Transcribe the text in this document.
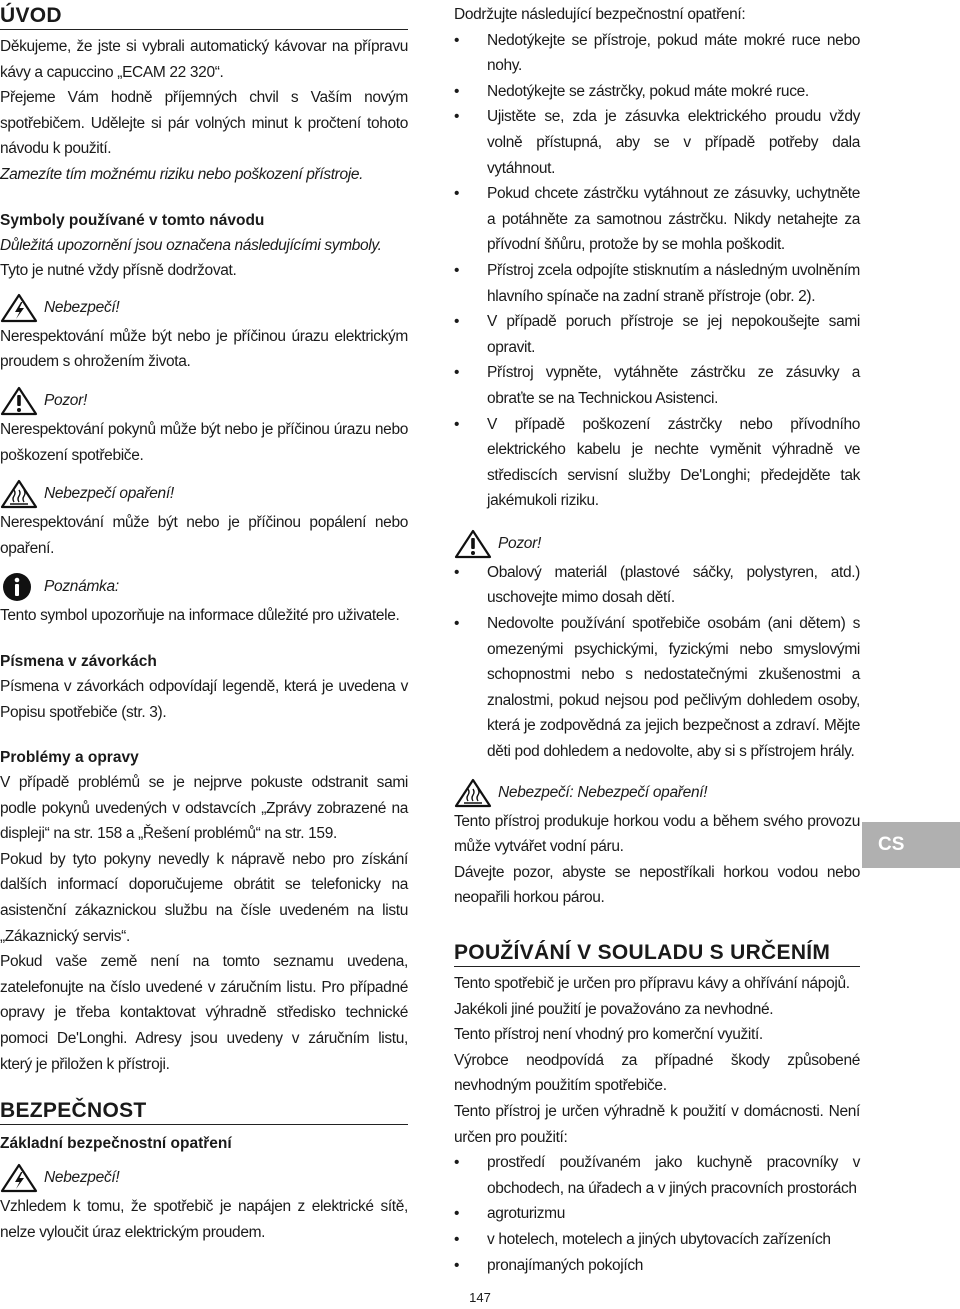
ÚVOD

Děkujeme, že jste si vybrali automatický kávovar na přípravu kávy a capuccino „ECAM 22 320“.

Přejeme Vám hodně příjemných chvil s Vaším novým spotřebičem. Udělejte si pár volných minut k pročtení tohoto návodu k použití.

Zamezíte tím možnému riziku nebo poškození přístroje.

Symboly používané v tomto návodu

Důležitá upozornění jsou označena následujícími symboly.

Tyto je nutné vždy přísně dodržovat.

Nebezpečí!

Nerespektování může být nebo je příčinou úrazu elektrickým proudem s ohrožením života.

Pozor!

Nerespektování pokynů může být nebo je příčinou úrazu nebo poškození spotřebiče.

Nebezpečí opaření!

Nerespektování může být nebo je příčinou popálení nebo opaření.

Poznámka:

Tento symbol upozorňuje na informace důležité pro uživatele.

Písmena v závorkách

Písmena v závorkách odpovídají legendě, která je uvedena v Popisu spotřebiče (str. 3).

Problémy a opravy

V případě problémů se je nejprve pokuste odstranit sami podle pokynů uvedených v odstavcích „Zprávy zobrazené na displeji“ na str. 158 a „Řešení problémů“ na str. 159.

Pokud by tyto pokyny nevedly k nápravě nebo pro získání dalších informací doporučujeme obrátit se telefonicky na asistenční zákaznickou službu na čísle uvedeném na listu „Zákaznický servis“.

Pokud vaše země není na tomto seznamu uvedena, zatelefonujte na číslo uvedené v záručním listu. Pro případné opravy je třeba kontaktovat výhradně středisko technické pomoci De'Longhi. Adresy jsou uvedeny v záručním listu, který je přiložen k přístroji.

BEZPEČNOST
Základní bezpečnostní opatření
Nebezpečí!

Vzhledem k tomu, že spotřebič je napájen z elektrické sítě, nelze vyloučit úraz elektrickým proudem.

Dodržujte následující bezpečnostní opatření:

• Nedotýkejte se přístroje, pokud máte mokré ruce nebo nohy.
• Nedotýkejte se zástrčky, pokud máte mokré ruce.
• Ujistěte se, zda je zásuvka elektrického proudu vždy volně přístupná, aby se v případě potřeby dala vytáhnout.
• Pokud chcete zástrčku vytáhnout ze zásuvky, uchytněte a potáhněte za samotnou zástrčku. Nikdy netahejte za přívodní šňůru, protože by se mohla poškodit.
• Přístroj zcela odpojíte stisknutím a následným uvolněním hlavního spínače na zadní straně přístroje (obr. 2).
• V případě poruch přístroje se jej nepokoušejte sami opravit.
• Přístroj vypněte, vytáhněte zástrčku ze zásuvky a obraťte se na Technickou Asistenci.
• V případě poškození zástrčky nebo přívodního elektrického kabelu je nechte vyměnit výhradně ve střediscích servisní služby De'Longhi; předejděte tak jakémukoli riziku.
Pozor!
• Obalový materiál (plastové sáčky, polystyren, atd.) uschovejte mimo dosah dětí.
• Nedovolte používání spotřebiče osobám (ani dětem) s omezenými psychickými, fyzickými nebo smyslovými schopnostmi nebo s nedostatečnými zkušenostmi a znalostmi, pokud nejsou pod pečlivým dohledem osoby, která je zodpovědná za jejich bezpečnost a zdraví. Mějte děti pod dohledem a nedovolte, aby si s přístrojem hrály.
Nebezpečí: Nebezpečí opaření!

Tento přístroj produkuje horkou vodu a během svého provozu může vytvářet vodní páru.

Dávejte pozor, abyste se nepostříkali horkou vodou nebo neopařili horkou párou.

POUŽÍVÁNÍ V SOULADU S URČENÍM

Tento spotřebič je určen pro přípravu kávy a ohřívání nápojů.

Jakékoli jiné použití je považováno za nevhodné.

Tento přístroj není vhodný pro komerční využití.

Výrobce neodpovídá za případné škody způsobené nevhodným použitím spotřebiče.

Tento přístroj je určen výhradně k použití v domácnosti. Není určen pro použití:

• prostředí používaném jako kuchyně pracovníky v obchodech, na úřadech a v jiných pracovních prostorách
• agroturizmu
• v hotelech, motelech a jiných ubytovacích zařízeních
• pronajímaných pokojích
CS
147
